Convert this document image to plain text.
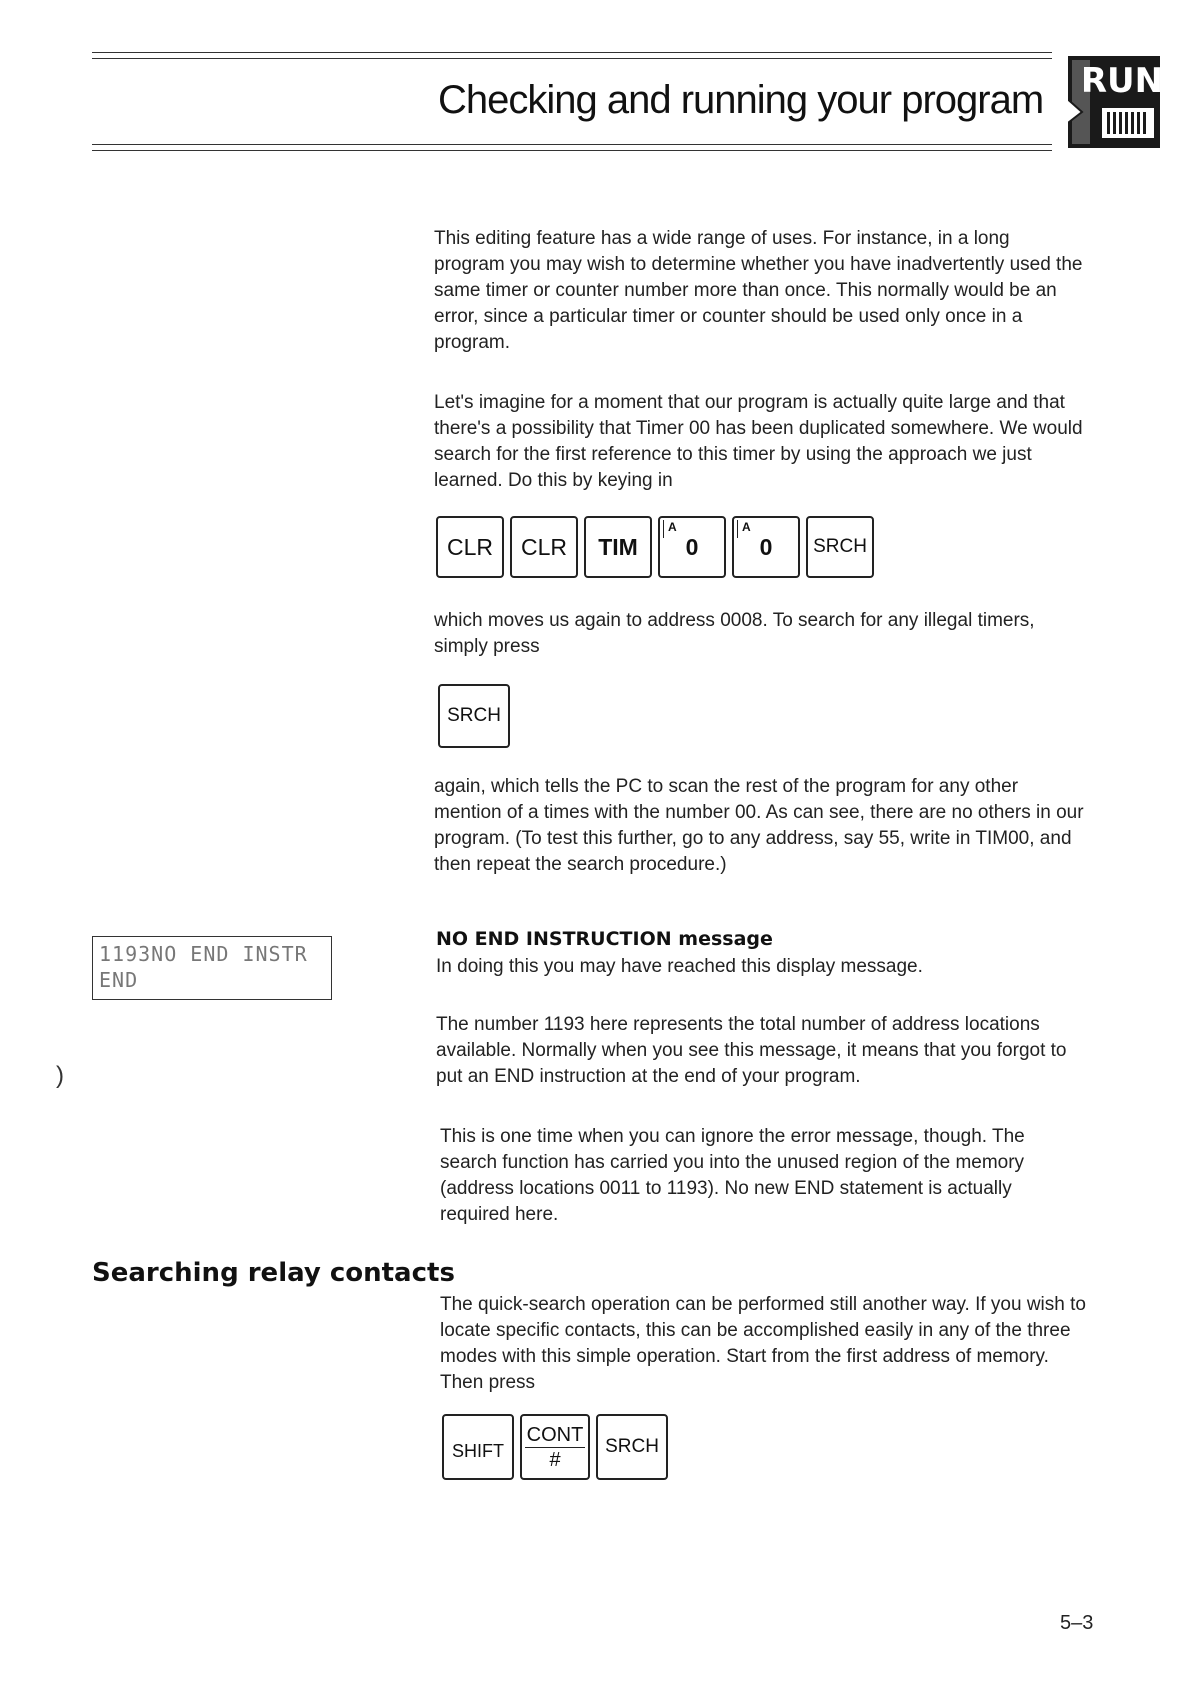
Checking and running your program	RUN

This editing feature has a wide range of uses. For instance, in a long program you may wish to determine whether you have inadvertently used the same timer or counter number more than once. This normally would be an error, since a particular timer or counter should be used only once in a program.

Let's imagine for a moment that our program is actually quite large and that there's a possibility that Timer 00 has been duplicated somewhere. We would search for the first reference to this timer by using the approach we just learned. Do this by keying in

CLR CLR TIM
A
0
A
0 SRCH

which moves us again to address 0008. To search for any illegal timers, simply press

SRCH

again, which tells the PC to scan the rest of the program for any other mention of a times with the number 00. As can see, there are no others in our program. (To test this further, go to any address, say 55, write in TIM00, and then repeat the search procedure.)

1193NO END INSTR
END
NO END INSTRUCTION message

In doing this you may have reached this display message.

The number 1193 here represents the total number of address locations available. Normally when you see this message, it means that you forgot to put an END instruction at the end of your program.

)

This is one time when you can ignore the error message, though. The search function has carried you into the unused region of the memory (address locations 0011 to 1193). No new END statement is actually required here.

Searching relay contacts

The quick-search operation can be performed still another way. If you wish to locate specific contacts, this can be accomplished easily in any of the three modes with this simple operation. Start from the first address of memory. Then press

SHIFT
CONT
#
SRCH
5–3
